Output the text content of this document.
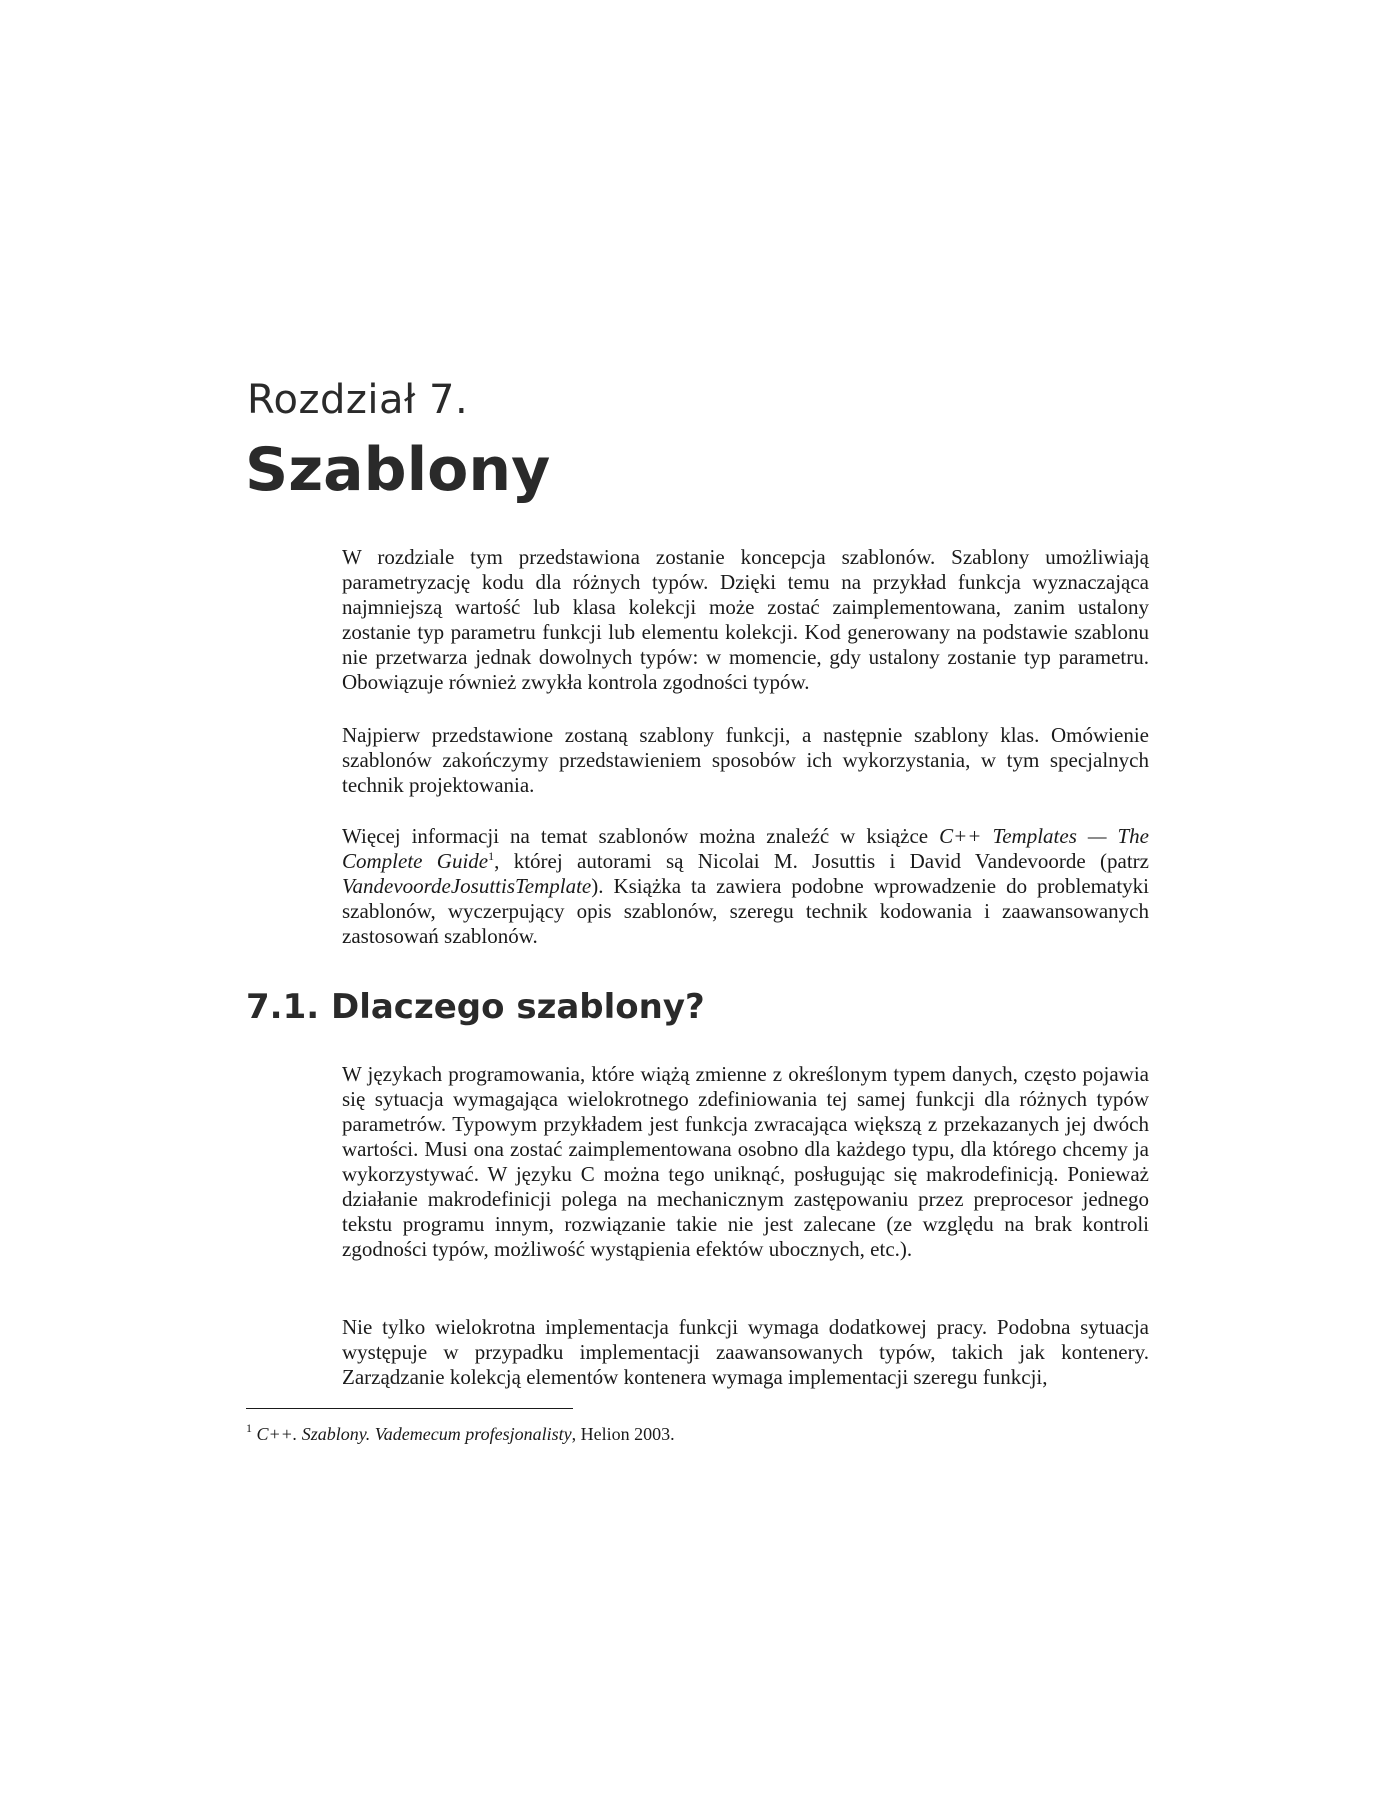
Rozdział 7.
Szablony

W rozdziale tym przedstawiona zostanie koncepcja szablonów. Szablony umożliwiają parametryzację kodu dla różnych typów. Dzięki temu na przykład funkcja wyznaczająca najmniejszą wartość lub klasa kolekcji może zostać zaimplementowana, zanim ustalony zostanie typ parametru funkcji lub elementu kolekcji. Kod generowany na podstawie szablonu nie przetwarza jednak dowolnych typów: w momencie, gdy ustalony zostanie typ parametru. Obowiązuje również zwykła kontrola zgodności typów.

Najpierw przedstawione zostaną szablony funkcji, a następnie szablony klas. Omówienie szablonów zakończymy przedstawieniem sposobów ich wykorzystania, w tym specjalnych technik projektowania.

Więcej informacji na temat szablonów można znaleźć w książce C++ Templates — The Complete Guide$^1$, której autorami są Nicolai M. Josuttis i David Vandevoorde (patrz VandevoordeJosuttisTemplate). Książka ta zawiera podobne wprowadzenie do problematyki szablonów, wyczerpujący opis szablonów, szeregu technik kodowania i zaawansowanych zastosowań szablonów.

7.1. Dlaczego szablony?

W językach programowania, które wiążą zmienne z określonym typem danych, często pojawia się sytuacja wymagająca wielokrotnego zdefiniowania tej samej funkcji dla różnych typów parametrów. Typowym przykładem jest funkcja zwracająca większą z przekazanych jej dwóch wartości. Musi ona zostać zaimplementowana osobno dla każdego typu, dla którego chcemy ja wykorzystywać. W języku C można tego uniknąć, posługując się makrodefinicją. Ponieważ działanie makrodefinicji polega na mechanicznym zastępowaniu przez preprocesor jednego tekstu programu innym, rozwiązanie takie nie jest zalecane (ze względu na brak kontroli zgodności typów, możliwość wystąpienia efektów ubocznych, etc.).

Nie tylko wielokrotna implementacja funkcji wymaga dodatkowej pracy. Podobna sytuacja występuje w przypadku implementacji zaawansowanych typów, takich jak kontenery. Zarządzanie kolekcją elementów kontenera wymaga implementacji szeregu funkcji,

$^1$ C++. Szablony. Vademecum profesjonalisty, Helion 2003.
